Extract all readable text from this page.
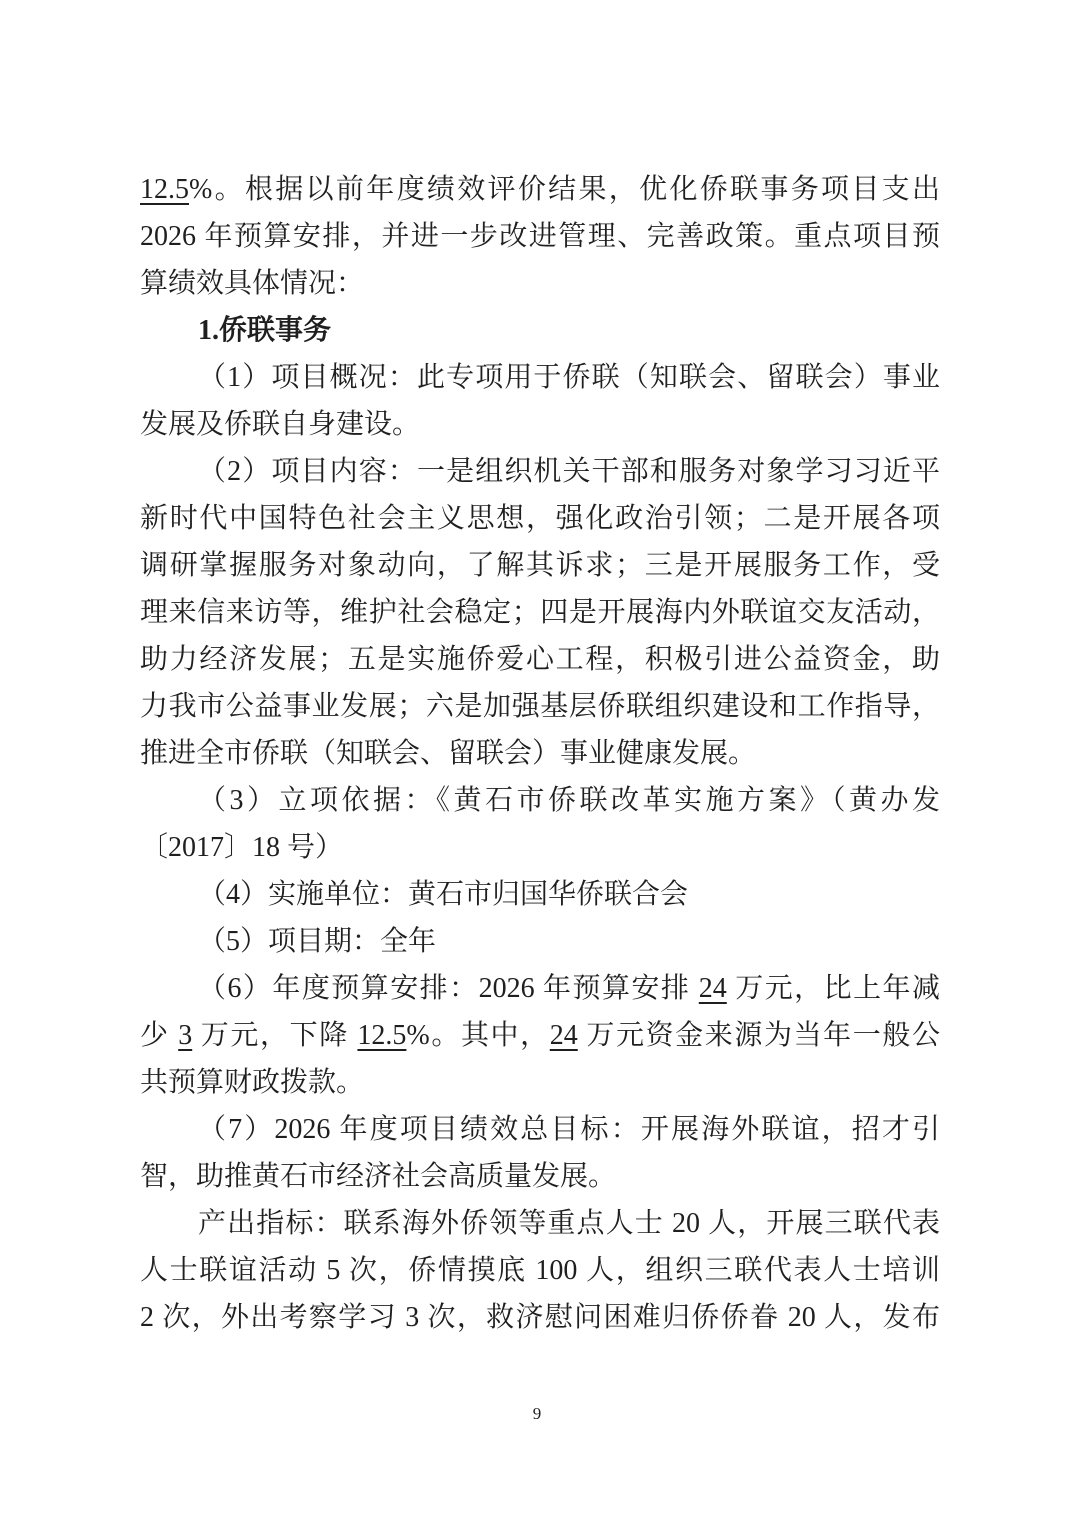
12.5%。根据以前年度绩效评价结果，优化侨联事务项目支出
2026 年预算安排，并进一步改进管理、完善政策。重点项目预
算绩效具体情况：
1.侨联事务
（1）项目概况：此专项用于侨联（知联会、留联会）事业
发展及侨联自身建设。
（2）项目内容：一是组织机关干部和服务对象学习习近平
新时代中国特色社会主义思想，强化政治引领；二是开展各项
调研掌握服务对象动向，了解其诉求；三是开展服务工作，受
理来信来访等，维护社会稳定；四是开展海内外联谊交友活动，
助力经济发展；五是实施侨爱心工程，积极引进公益资金，助
力我市公益事业发展；六是加强基层侨联组织建设和工作指导，
推进全市侨联（知联会、留联会）事业健康发展。
（3）立项依据：《黄石市侨联改革实施方案》（黄办发
〔2017〕18 号）
（4）实施单位：黄石市归国华侨联合会
（5）项目期：全年
（6）年度预算安排：2026 年预算安排 24 万元，比上年减
少 3 万元，下降 12.5%。其中，24 万元资金来源为当年一般公
共预算财政拨款。
（7）2026 年度项目绩效总目标：开展海外联谊，招才引
智，助推黄石市经济社会高质量发展。
产出指标：联系海外侨领等重点人士 20 人，开展三联代表
人士联谊活动 5 次，侨情摸底 100 人，组织三联代表人士培训
2 次，外出考察学习 3 次，救济慰问困难归侨侨眷 20 人，发布
9
